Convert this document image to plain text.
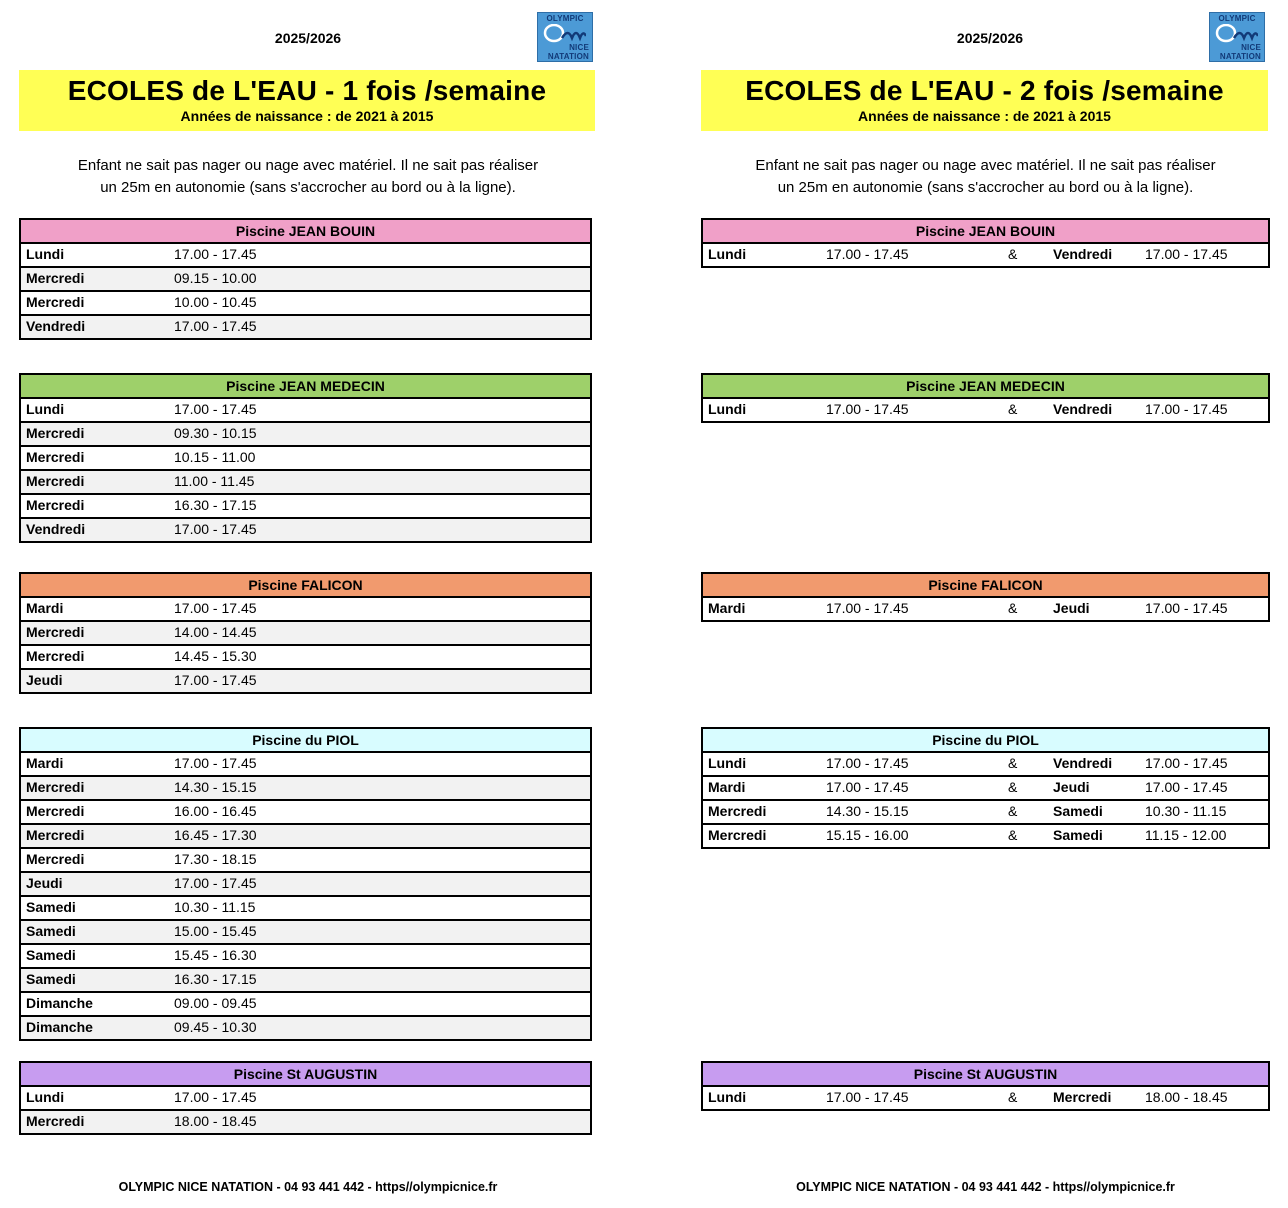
2025/2026
OLYMPIC
NICE
NATATION
ECOLES de L'EAU - 1 fois /semaine
Années de naissance : de 2021 à 2015
Enfant ne sait pas nager ou nage avec matériel. Il ne sait pas réaliser
un 25m en autonomie (sans s'accrocher au bord ou à la ligne).
Piscine JEAN BOUIN
Lundi	17.00 - 17.45
Mercredi	09.15 - 10.00
Mercredi	10.00 - 10.45
Vendredi	17.00 - 17.45
Piscine JEAN MEDECIN
Lundi	17.00 - 17.45
Mercredi	09.30 - 10.15
Mercredi	10.15 - 11.00
Mercredi	11.00 - 11.45
Mercredi	16.30 - 17.15
Vendredi	17.00 - 17.45
Piscine FALICON
Mardi	17.00 - 17.45
Mercredi	14.00 - 14.45
Mercredi	14.45 - 15.30
Jeudi	17.00 - 17.45
Piscine du PIOL
Mardi	17.00 - 17.45
Mercredi	14.30 - 15.15
Mercredi	16.00 - 16.45
Mercredi	16.45 - 17.30
Mercredi	17.30 - 18.15
Jeudi	17.00 - 17.45
Samedi	10.30 - 11.15
Samedi	15.00 - 15.45
Samedi	15.45 - 16.30
Samedi	16.30 - 17.15
Dimanche	09.00 - 09.45
Dimanche	09.45 - 10.30
Piscine St AUGUSTIN
Lundi	17.00 - 17.45
Mercredi	18.00 - 18.45
OLYMPIC NICE NATATION - 04 93 441 442 - https//olympicnice.fr
2025/2026
OLYMPIC
NICE
NATATION
ECOLES de L'EAU - 2 fois /semaine
Années de naissance : de 2021 à 2015
Enfant ne sait pas nager ou nage avec matériel. Il ne sait pas réaliser
un 25m en autonomie (sans s'accrocher au bord ou à la ligne).
Piscine JEAN BOUIN
Lundi	17.00 - 17.45	&	Vendredi 17.00 - 17.45
Piscine JEAN MEDECIN
Lundi	17.00 - 17.45	&	Vendredi 17.00 - 17.45
Piscine FALICON
Mardi	17.00 - 17.45	&	Jeudi	17.00 - 17.45
Piscine du PIOL
Lundi	17.00 - 17.45	&	Vendredi 17.00 - 17.45
Mardi	17.00 - 17.45	&	Jeudi	17.00 - 17.45
Mercredi	14.30 - 15.15	&	Samedi	10.30 - 11.15
Mercredi	15.15 - 16.00	&	Samedi	11.15 - 12.00
Piscine St AUGUSTIN
Lundi	17.00 - 17.45	&	Mercredi 18.00 - 18.45
OLYMPIC NICE NATATION - 04 93 441 442 - https//olympicnice.fr
